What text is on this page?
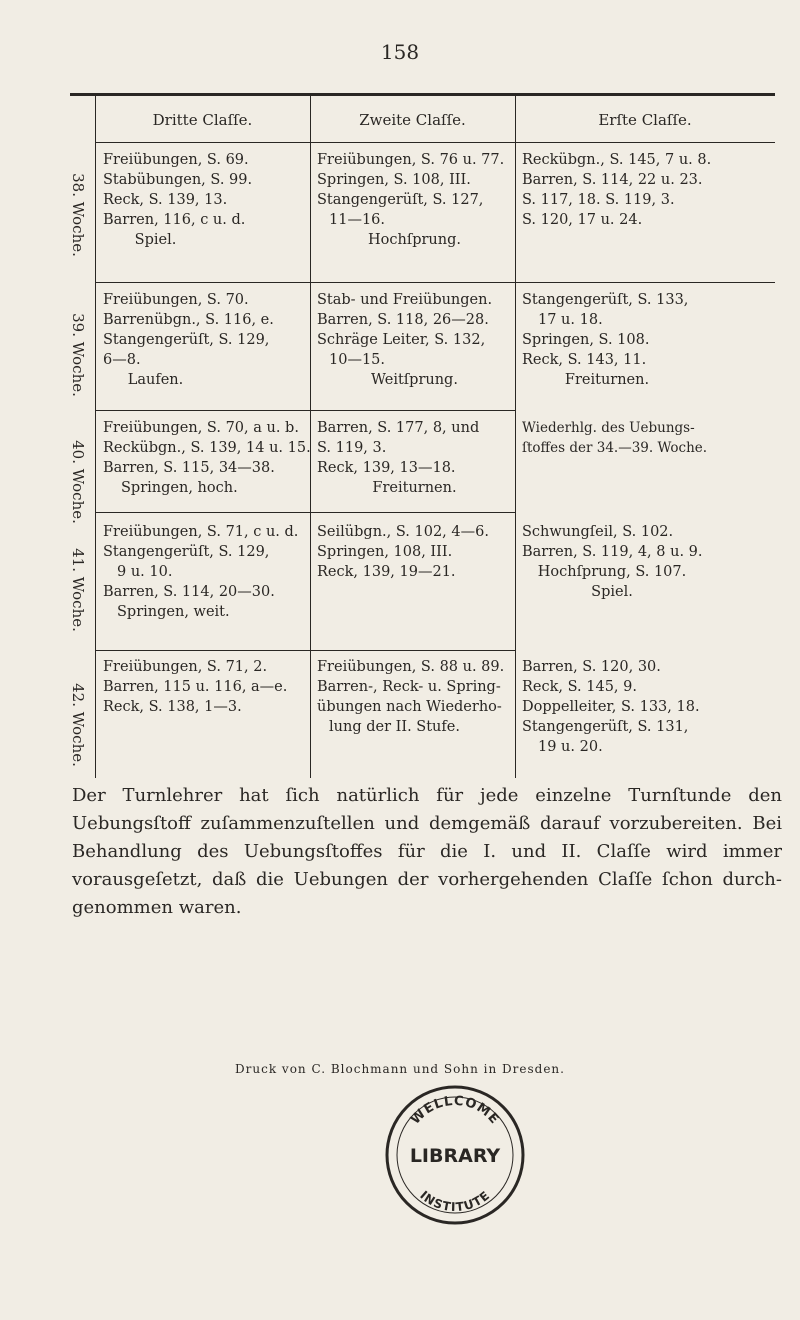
158
Dritte Claſſe.	Zweite Claſſe.	Erſte Claſſe.
38. Woche.
39. Woche.
40. Woche.
41. Woche.
42. Woche.
Freiübungen, S. 69.
Stabübungen, S. 99.
Reck, S. 139, 13.
Barren, 116, c u. d.
Spiel.
Freiübungen, S. 76 u. 77.
Springen, S. 108, III.
Stangengerüſt, S. 127,
11—16.
Hochſprung.
Reckübgn., S. 145, 7 u. 8.
Barren, S. 114, 22 u. 23.
S. 117, 18. S. 119, 3.
S. 120, 17 u. 24.
Freiübungen, S. 70.
Barrenübgn., S. 116, e.
Stangengerüſt, S. 129,
6—8.
Laufen.
Stab- und Freiübungen.
Barren, S. 118, 26—28.
Schräge Leiter, S. 132,
10—15.
Weitſprung.
Stangengerüſt, S. 133,
17 u. 18.
Springen, S. 108.
Reck, S. 143, 11.
Freiturnen.
Freiübungen, S. 70, a u. b.
Reckübgn., S. 139, 14 u. 15.
Barren, S. 115, 34—38.
Springen, hoch.
Barren, S. 177, 8, und
S. 119, 3.
Reck, 139, 13—18.
Freiturnen.
Wiederhlg. des Uebungs-
ſtoffes der 34.—39. Woche.
Freiübungen, S. 71, c u. d.
Stangengerüſt, S. 129,
9 u. 10.
Barren, S. 114, 20—30.
Springen, weit.
Seilübgn., S. 102, 4—6.
Springen, 108, III.
Reck, 139, 19—21.
Schwungſeil, S. 102.
Barren, S. 119, 4, 8 u. 9.
Hochſprung, S. 107.
Spiel.
Freiübungen, S. 71, 2.
Barren, 115 u. 116, a—e.
Reck, S. 138, 1—3.
Freiübungen, S. 88 u. 89.
Barren-, Reck- u. Spring-
übungen nach Wiederho-
lung der II. Stufe.
Barren, S. 120, 30.
Reck, S. 145, 9.
Doppelleiter, S. 133, 18.
Stangengerüſt, S. 131,
19 u. 20.
Der Turnlehrer hat ſich natürlich für jede einzelne Turnſtunde den Uebungsſtoff zuſammenzuſtellen und demgemäß darauf vorzubereiten. Bei Behandlung des Uebungsſtoffes für die I. und II. Claſſe wird immer vorausgeſetzt, daß die Uebungen der vorhergehenden Claſſe ſchon durch-genommen waren.
Druck von C. Blochmann und Sohn in Dresden.
WELLCOME
LIBRARY
INSTITUTE
